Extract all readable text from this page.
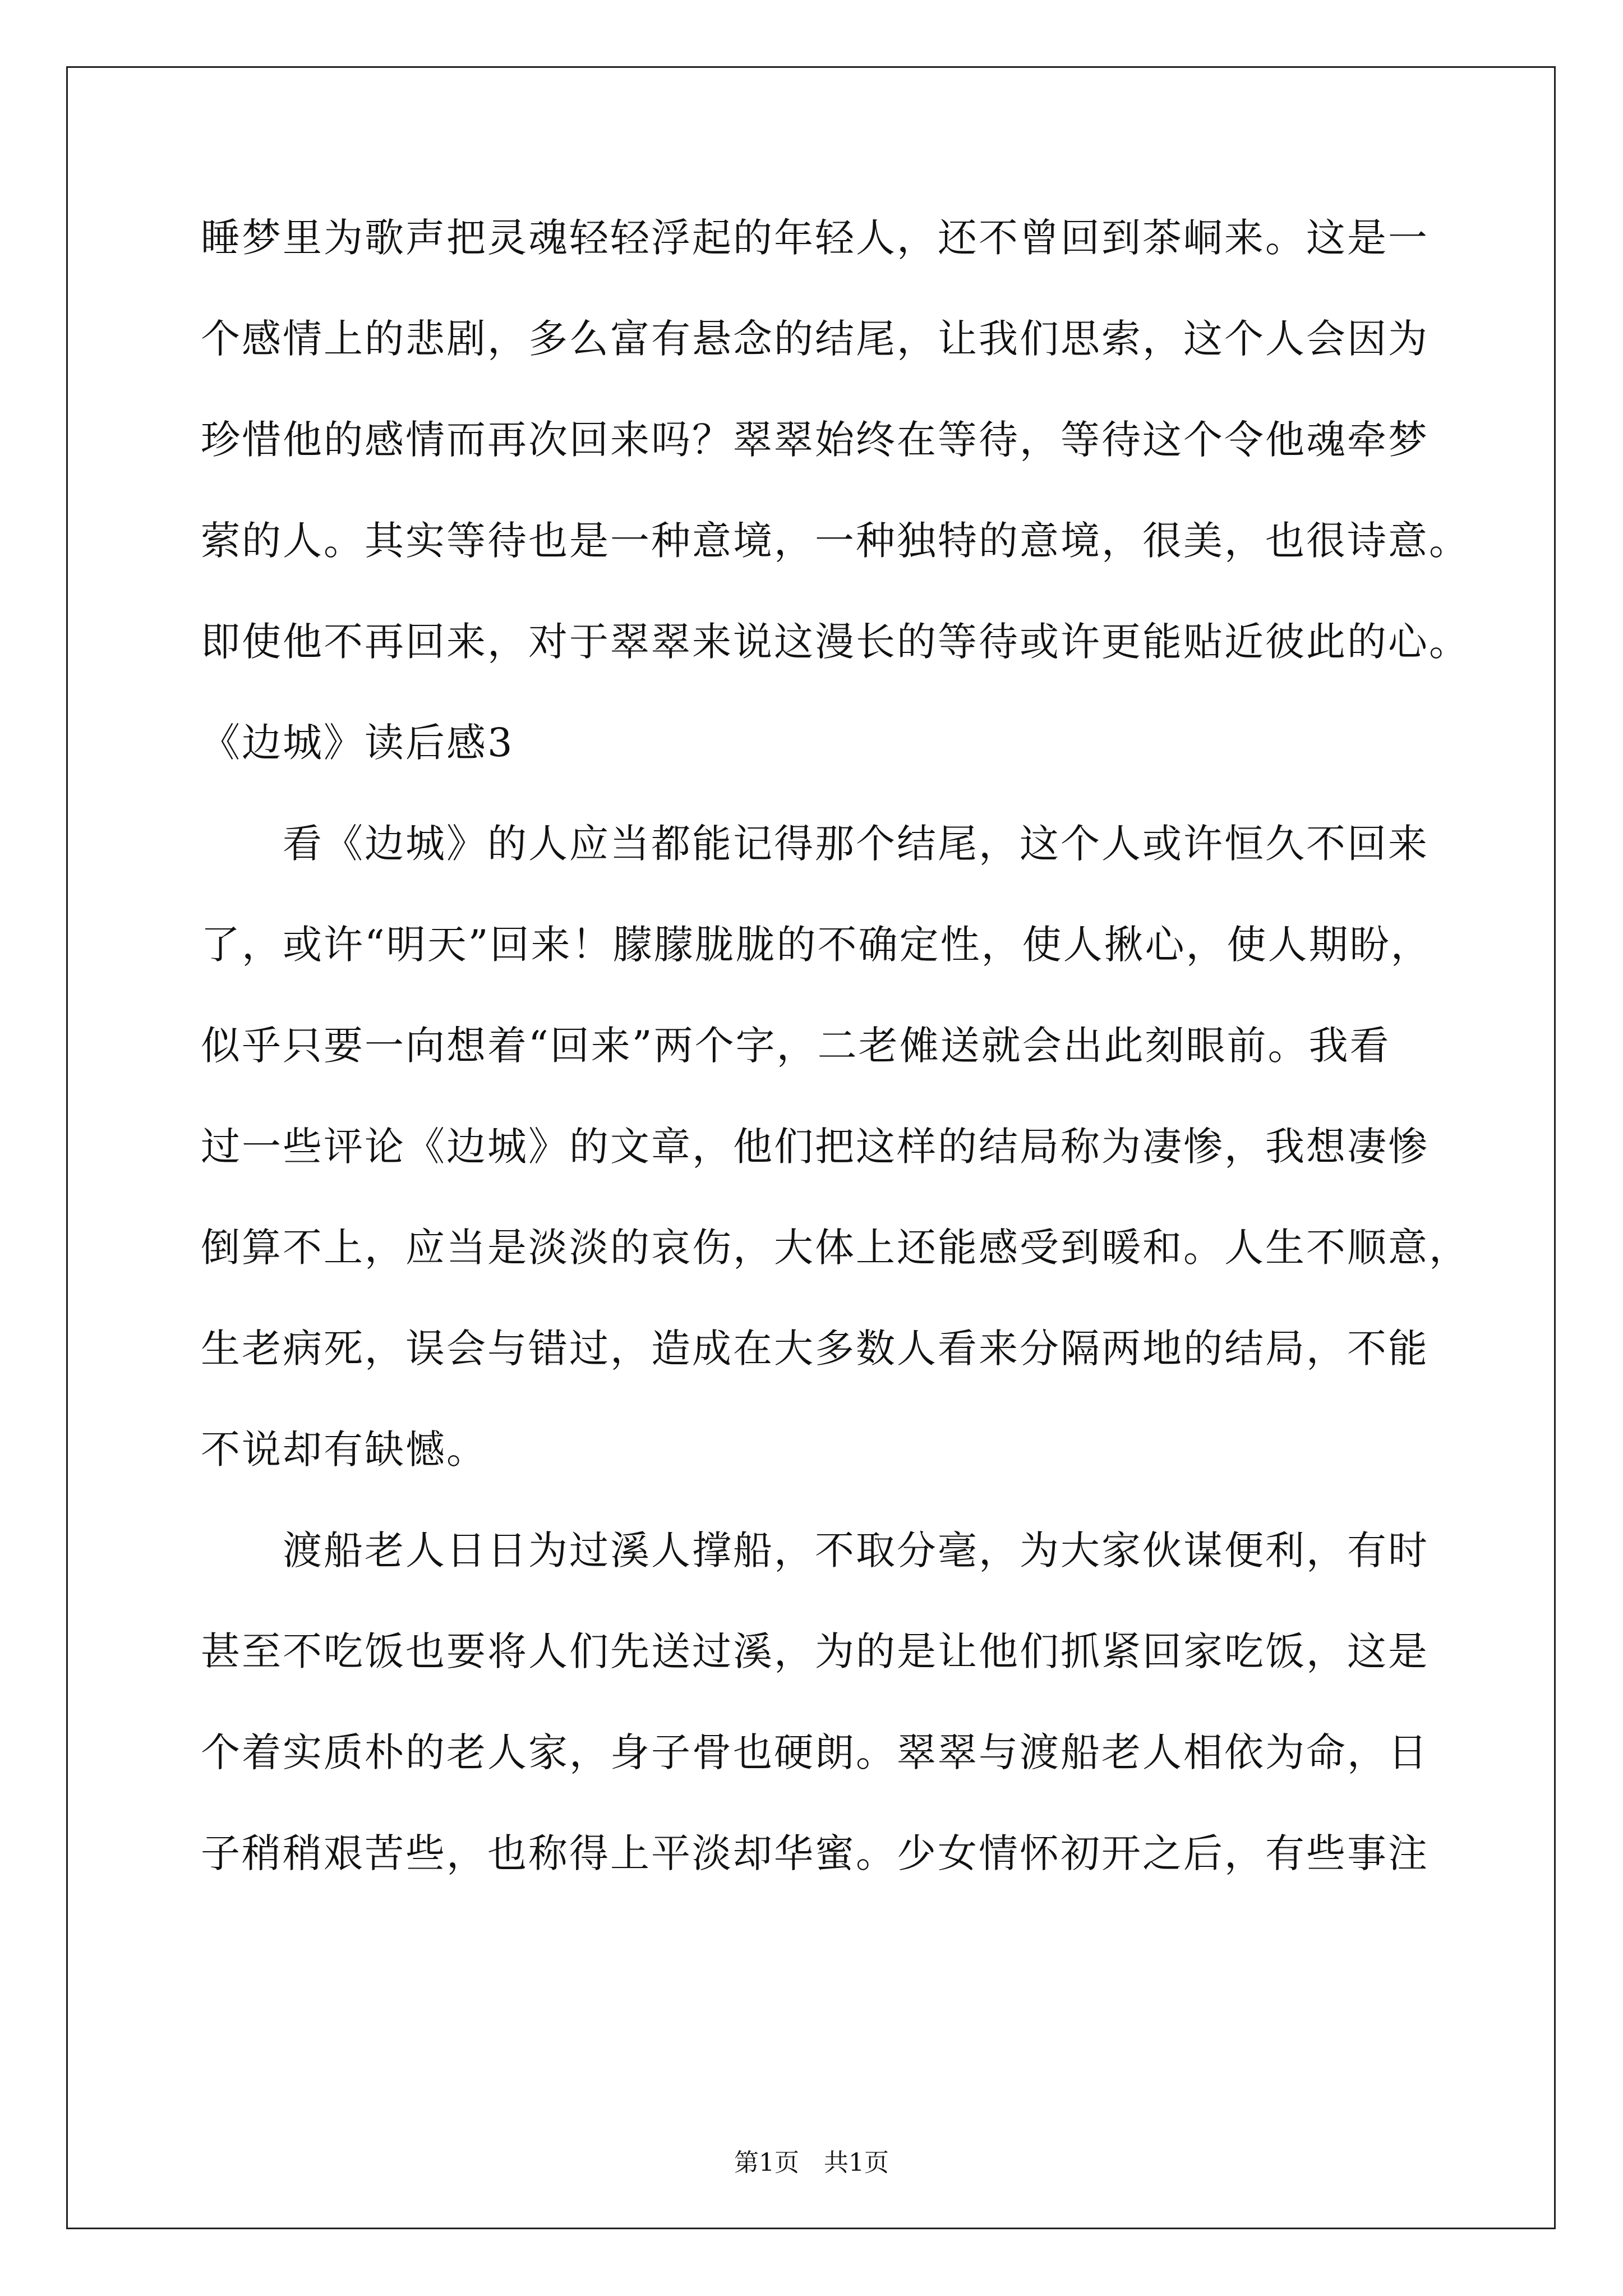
睡梦里为歌声把灵魂轻轻浮起的年轻人，还不曾回到茶峒来。这是一
个感情上的悲剧，多么富有悬念的结尾，让我们思索，这个人会因为
珍惜他的感情而再次回来吗？翠翠始终在等待，等待这个令他魂牵梦
萦的人。其实等待也是一种意境，一种独特的意境，很美，也很诗意。
即使他不再回来，对于翠翠来说这漫长的等待或许更能贴近彼此的心。
《边城》读后感3
　　看《边城》的人应当都能记得那个结尾，这个人或许恒久不回来
了，或许“明天”回来！朦朦胧胧的不确定性，使人揪心，使人期盼，
似乎只要一向想着“回来”两个字，二老傩送就会出此刻眼前。我看
过一些评论《边城》的文章，他们把这样的结局称为凄惨，我想凄惨
倒算不上，应当是淡淡的哀伤，大体上还能感受到暖和。人生不顺意，
生老病死，误会与错过，造成在大多数人看来分隔两地的结局，不能
不说却有缺憾。
　　渡船老人日日为过溪人撑船，不取分毫，为大家伙谋便利，有时
甚至不吃饭也要将人们先送过溪，为的是让他们抓紧回家吃饭，这是
个着实质朴的老人家，身子骨也硬朗。翠翠与渡船老人相依为命，日
子稍稍艰苦些，也称得上平淡却华蜜。少女情怀初开之后，有些事注
第1页　共1页
